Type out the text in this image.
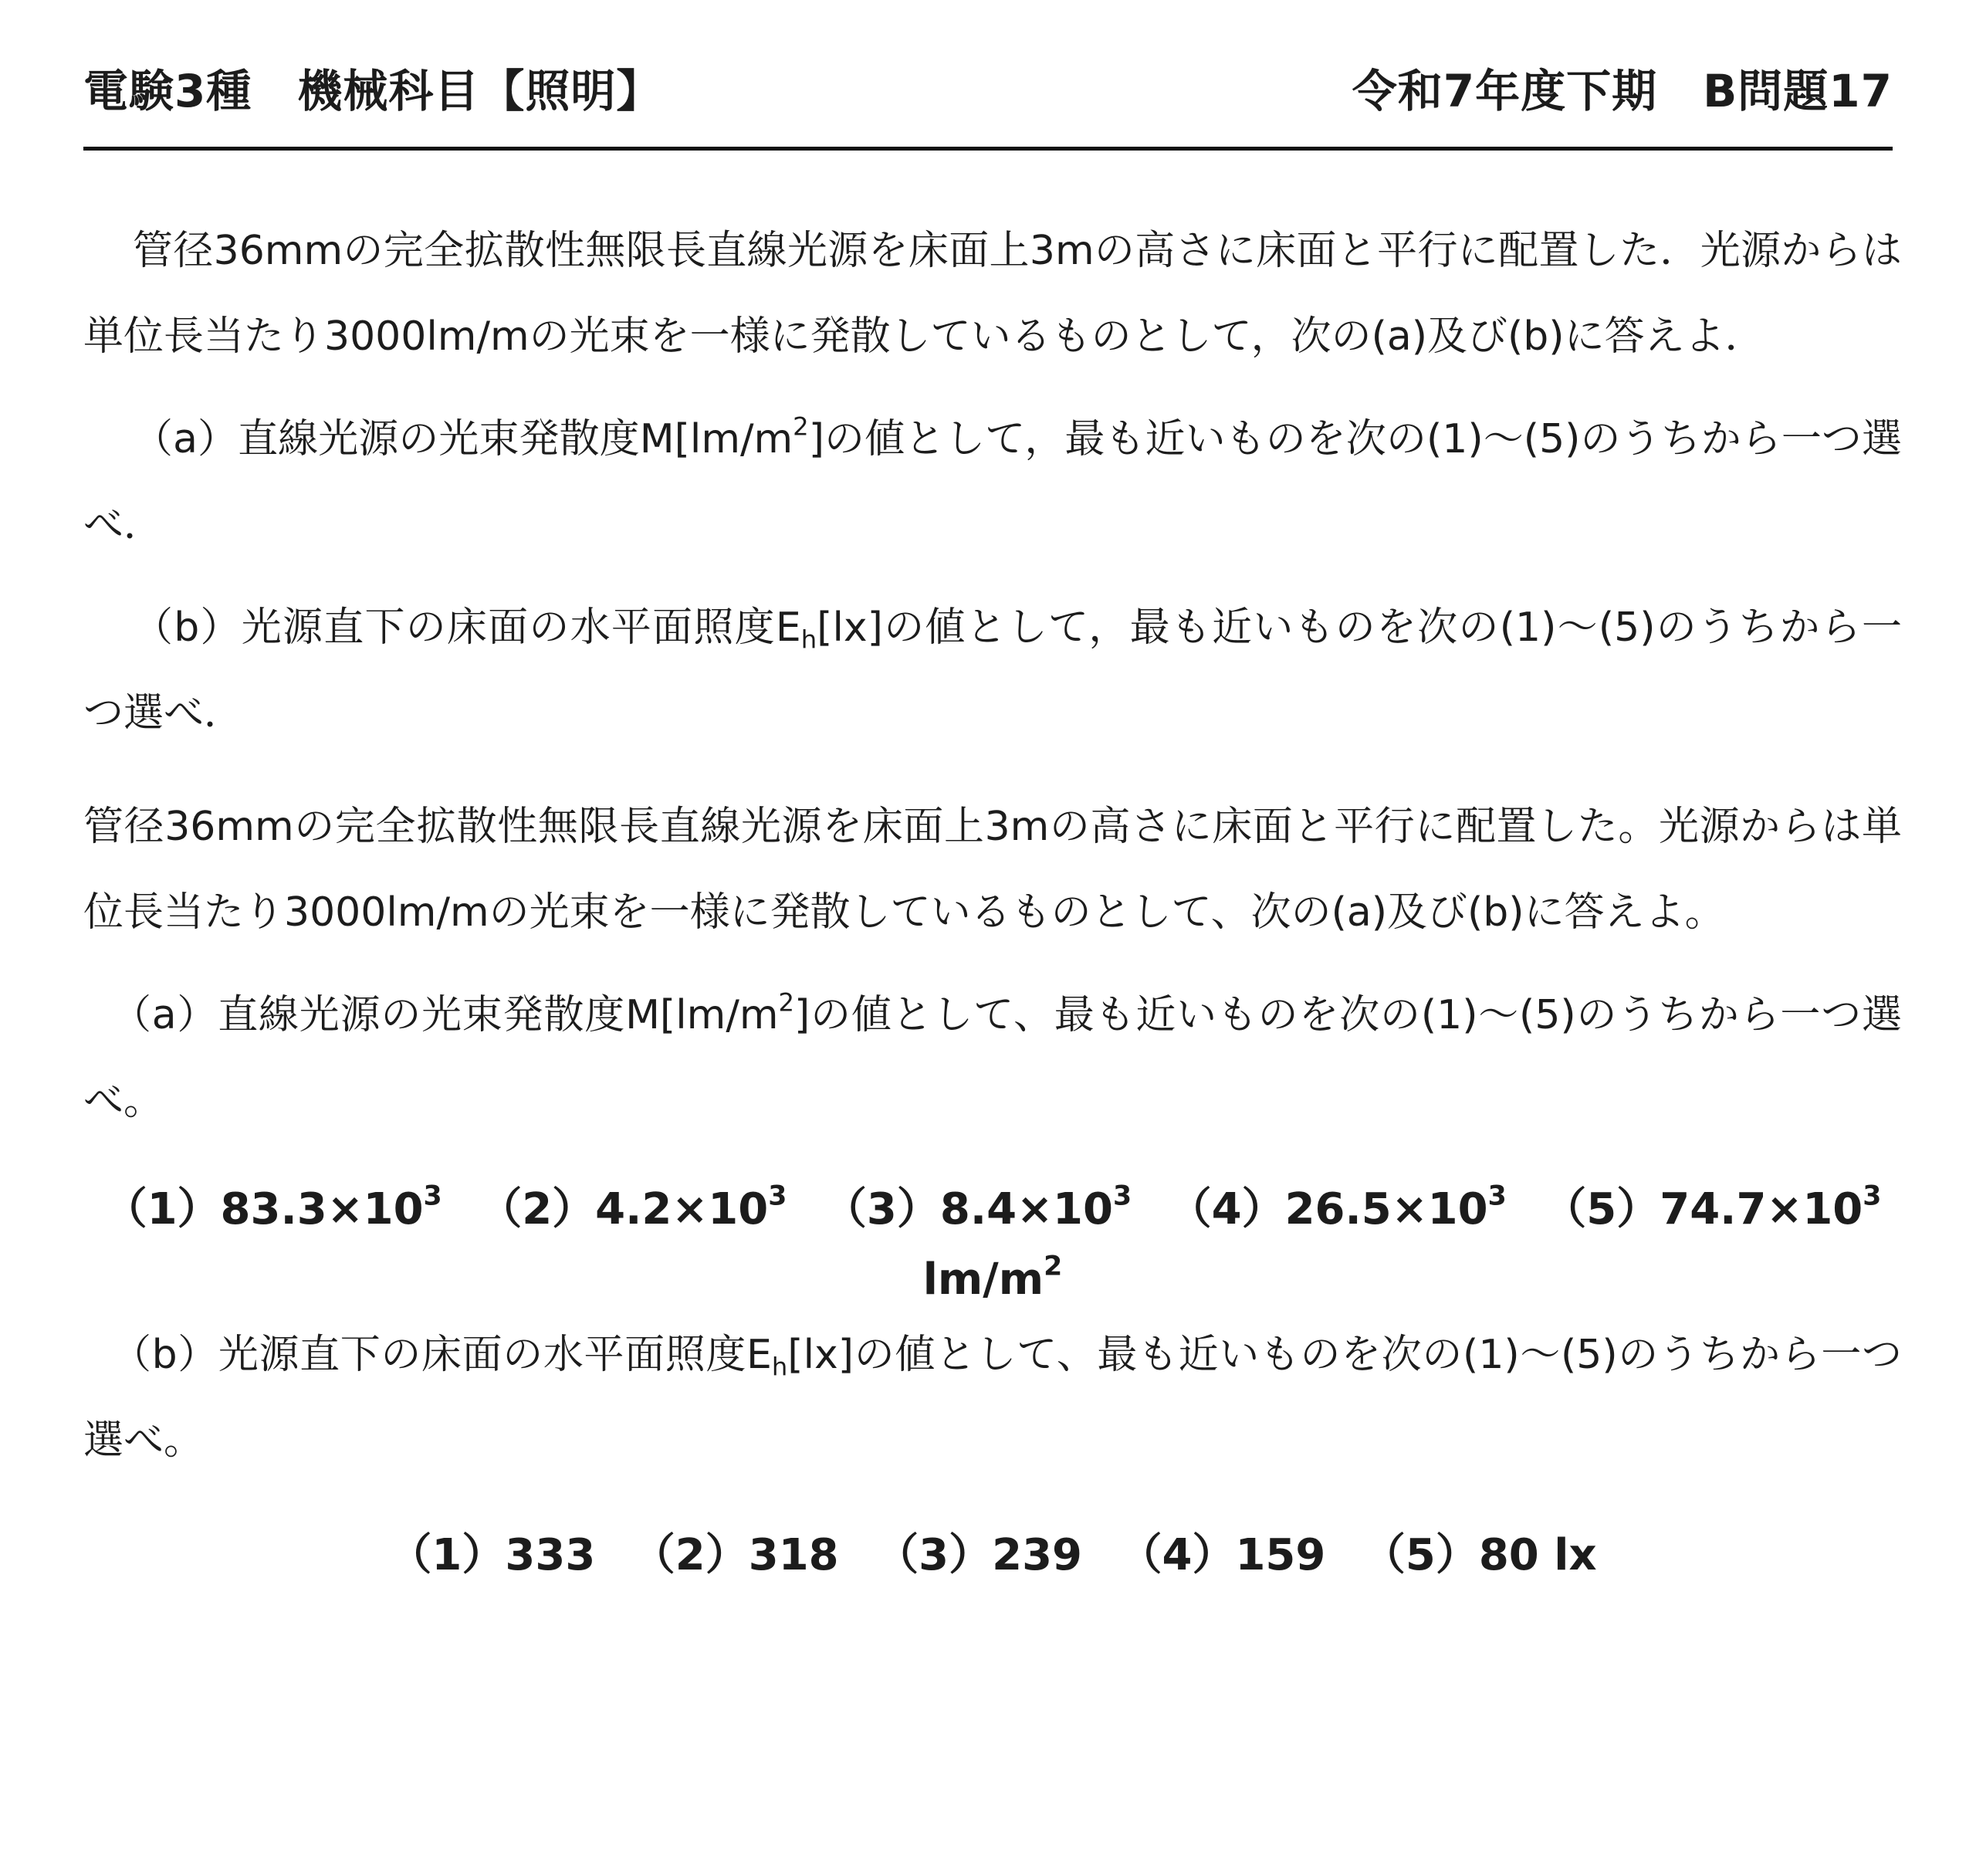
電験3種　機械科目【照明】	令和7年度下期　B問題17

管径36mmの完全拡散性無限長直線光源を床面上3mの高さに床面と平行に配置した．光源からは単位長当たり3000lm/mの光束を一様に発散しているものとして，次の(a)及び(b)に答えよ．

（a）直線光源の光束発散度$M[lm/m^2]$の値として，最も近いものを次の(1)～(5)のうちから一つ選べ．

（b）光源直下の床面の水平面照度$E_h[lx]$の値として，最も近いものを次の(1)～(5)のうちから一つ選べ．

管径36mmの完全拡散性無限長直線光源を床面上3mの高さに床面と平行に配置した。光源からは単位長当たり3000lm/mの光束を一様に発散しているものとして、次の(a)及び(b)に答えよ。

（a）直線光源の光束発散度$M[lm/m^2]$の値として、最も近いものを次の(1)～(5)のうちから一つ選べ。

$(1)83.3\times 10^3$ $(2)4.2\times 10^3$ $(3)8.4\times 10^3$ $(4)26.5\times 10^3$ $(5)74.7\times 10^3$

$lm/m^2$

（b）光源直下の床面の水平面照度$E_h[lx]$の値として、最も近いものを次の(1)～(5)のうちから一つ選べ。

（1）333 （2）318 （3）239 （4）159 （5）80 lx
